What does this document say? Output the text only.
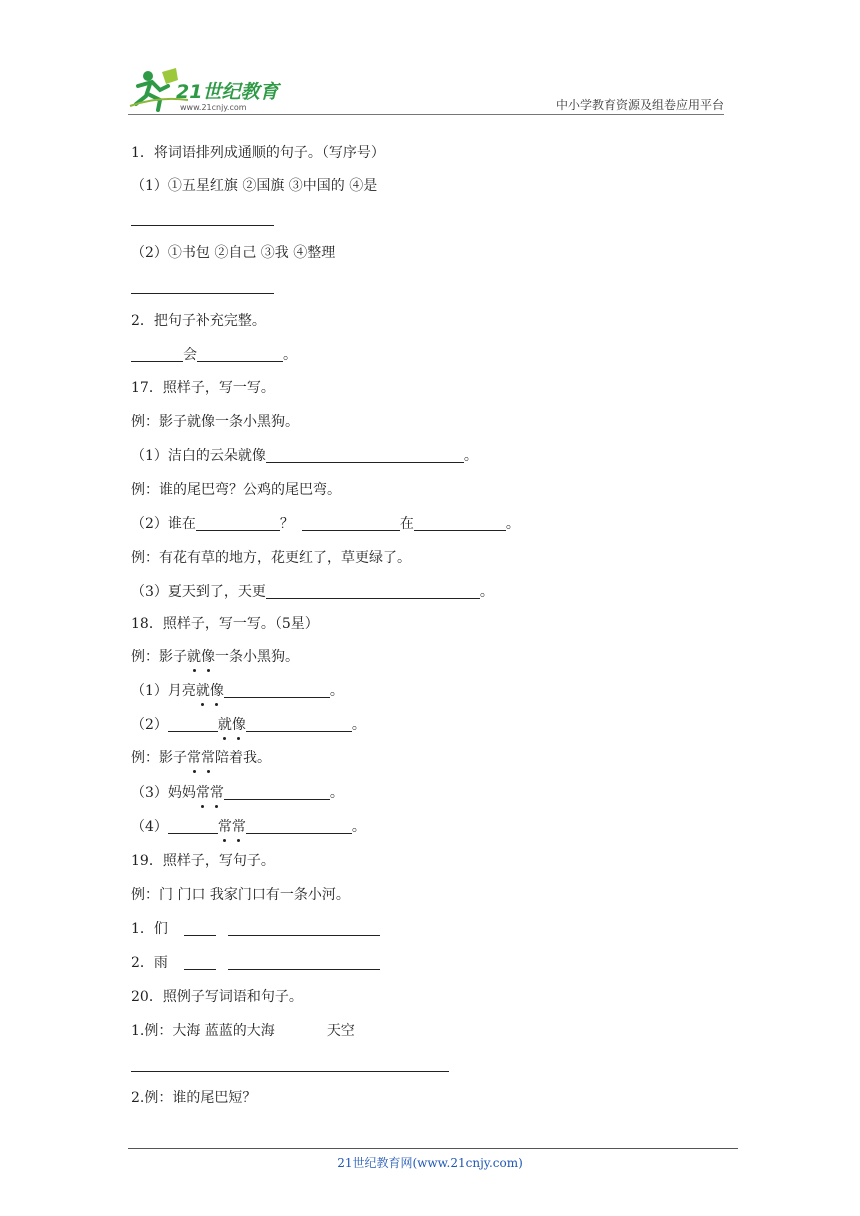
21世纪教育
www.21cnjy.com	中小学教育资源及组卷应用平台
1．将词语排列成通顺的句子。（写序号）
（1）①五星红旗 ②国旗 ③中国的 ④是
（2）①书包 ②自己 ③我 ④整理
2．把句子补充完整。
会	。
17．照样子，写一写。
例：影子就像一条小黑狗。
（1）洁白的云朵就像	。
例：谁的尾巴弯？公鸡的尾巴弯。
（2）谁在	？	在	。
例：有花有草的地方，花更红了，草更绿了。
（3）夏天到了，天更	。
18．照样子，写一写。（5星）
例：影子就像一条小黑狗。
（1）月亮就像	。
（2）	就像	。
例：影子常常陪着我。
（3）妈妈常常	。
（4）	常常	。
19．照样子，写句子。
例：门 门口 我家门口有一条小河。
1．们
2．雨
20．照例子写词语和句子。
1.例：大海 蓝蓝的大海	天空
2.例：谁的尾巴短？
21世纪教育网(www.21cnjy.com)
